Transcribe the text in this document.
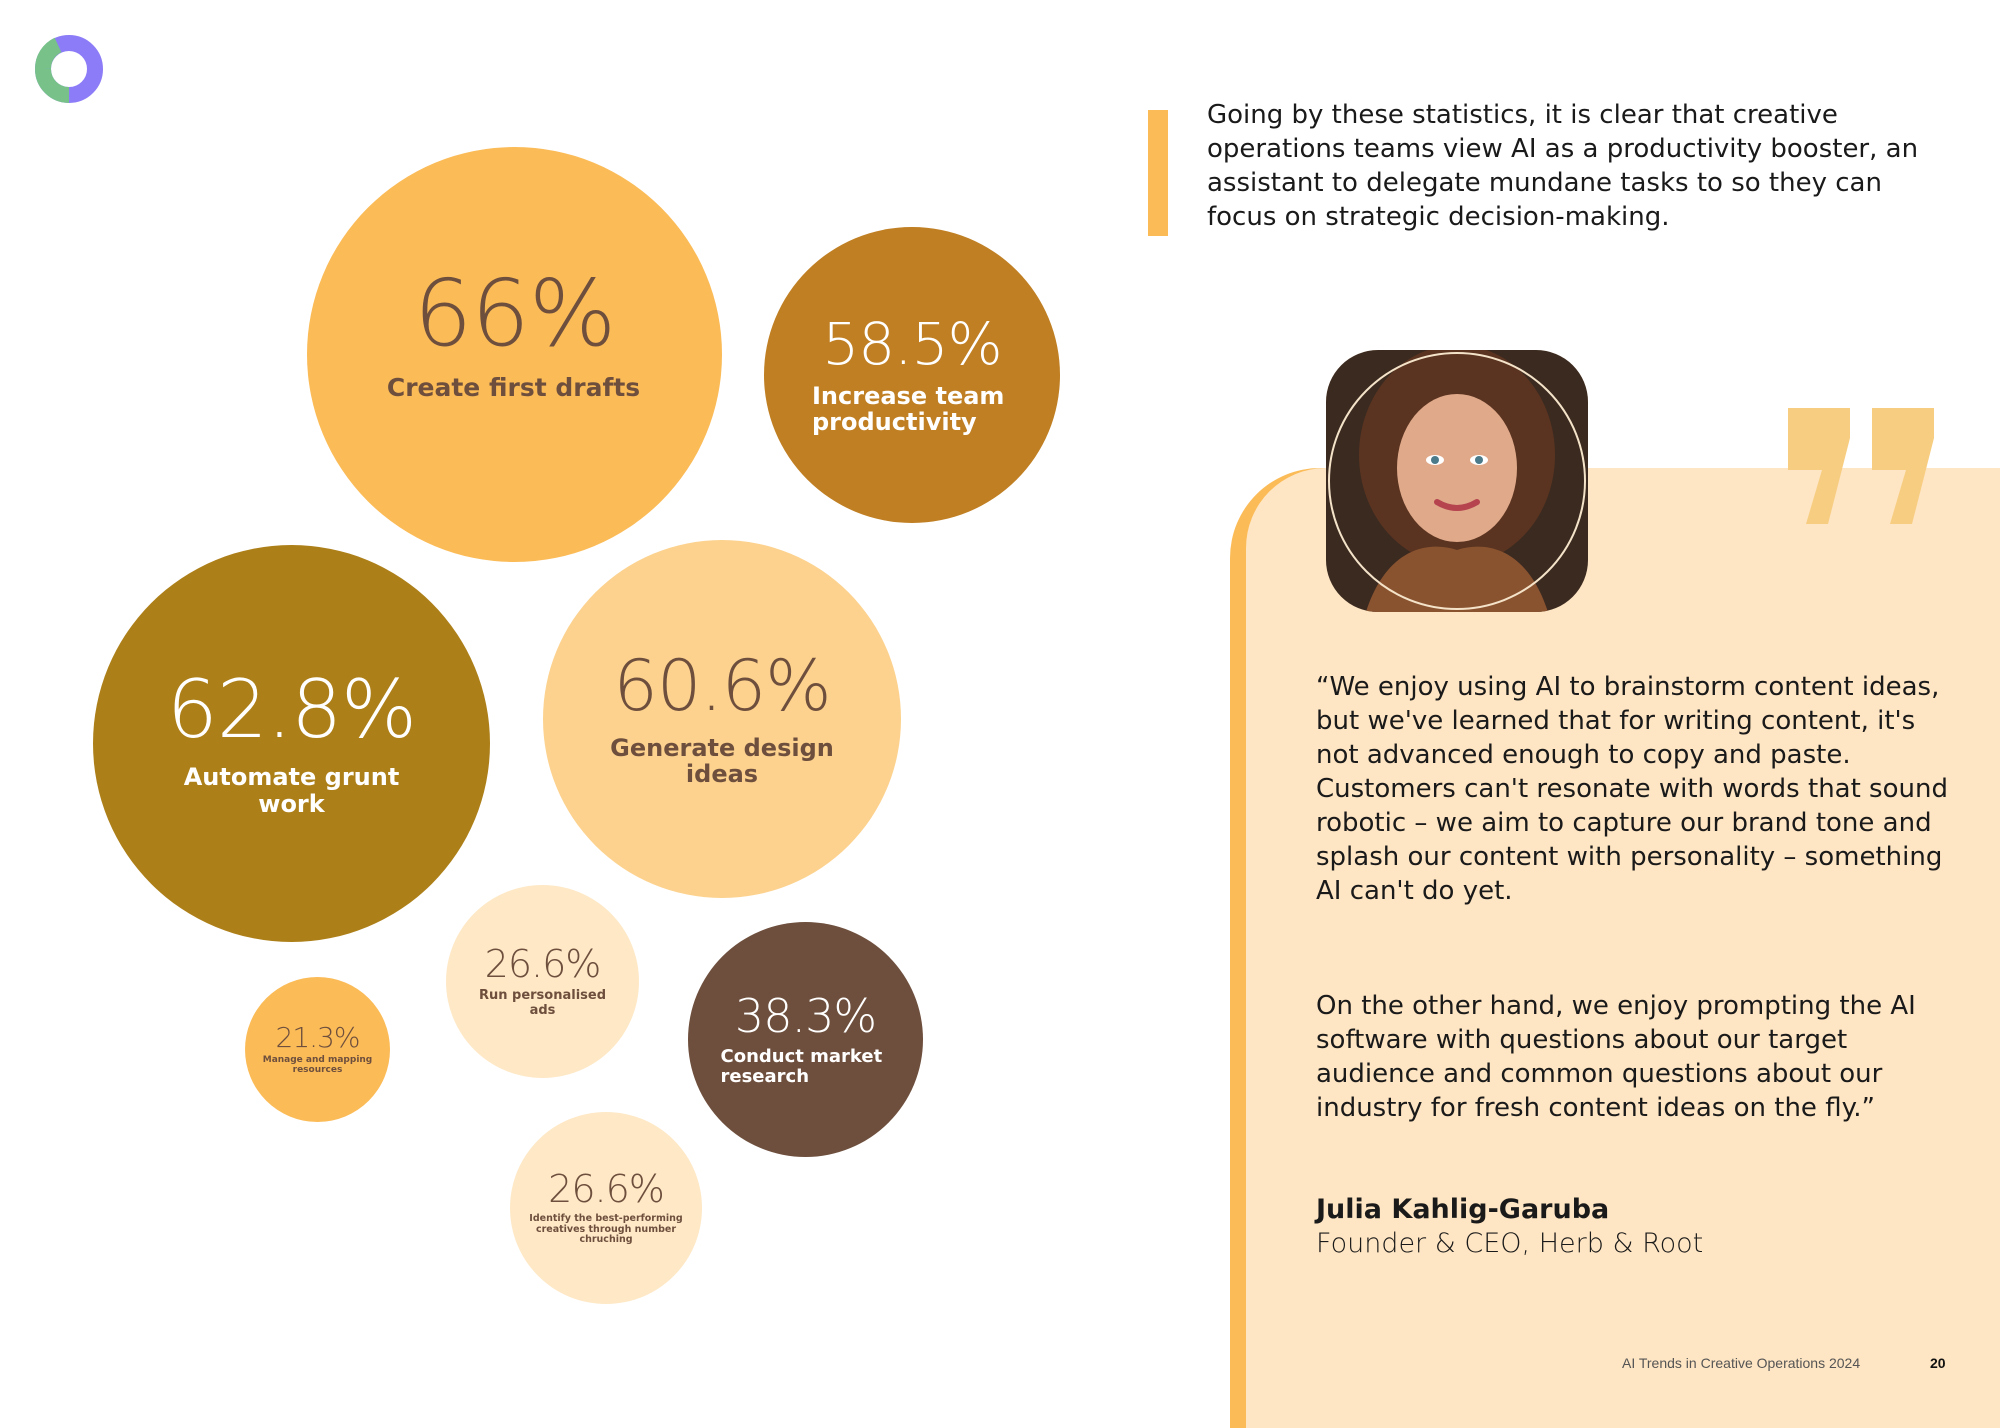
66%
Create first drafts
58.5%
Increase team productivity
62.8%
Automate grunt work
60.6%
Generate design ideas
26.6%
Run personalised ads
21.3%
Manage and mapping resources
38.3%
Conduct market research
26.6%
Identify the best-performing creatives through number chruching

Going by these statistics, it is clear that creative operations teams view AI as a productivity booster, an assistant to delegate mundane tasks to so they can focus on strategic decision-making.

“We enjoy using AI to brainstorm content ideas, but we've learned that for writing content, it's not advanced enough to copy and paste. Customers can't resonate with words that sound robotic – we aim to capture our brand tone and splash our content with personality – something AI can't do yet.

On the other hand, we enjoy prompting the AI software with questions about our target audience and common questions about our industry for fresh content ideas on the fly.”

Julia Kahlig-Garuba
Founder & CEO, Herb & Root
AI Trends in Creative Operations 2024	20
